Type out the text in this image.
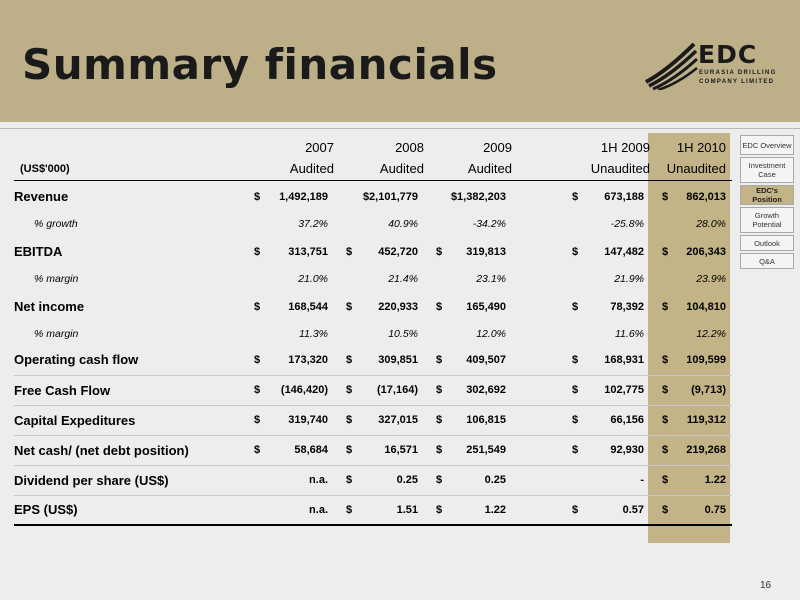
Summary financials	EDC
EURASIA DRILLING
COMPANY LIMITED
	2007	2008	2009		1H 2009	1H 2010
(US$'000)	Audited	Audited	Audited		Unaudited	Unaudited
Revenue	$ 1,492,189	$2,101,779	$1,382,203		$ 673,188	$ 862,013

% growth	37.2%	40.9%	-34.2%		-25.8%	28.0%

EBITDA	$ 313,751	$ 452,720	$ 319,813		$ 147,482	$ 206,343

% margin	21.0%	21.4%	23.1%		21.9%	23.9%

Net income	$ 168,544	$ 220,933	$ 165,490		$ 78,392	$ 104,810

% margin	11.3%	10.5%	12.0%		11.6%	12.2%

Operating cash flow	$ 173,320	$ 309,851	$ 409,507		$ 168,931	$ 109,599

Free Cash Flow	$ (146,420)	$ (17,164)	$ 302,692		$ 102,775	$ (9,713)

Capital Expeditures	$ 319,740	$ 327,015	$ 106,815		$ 66,156	$ 119,312

Net cash/ (net debt position)	$ 58,684	$ 16,571	$ 251,549		$ 92,930	$ 219,268

Dividend per share (US$)	n.a.	$ 0.25	$ 0.25		-	$ 1.22

EPS (US$)	n.a.	$ 1.51	$ 1.22		$ 0.57	$ 0.75
EDC Overview
Investment Case
EDC's Position
Growth Potential
Outlook
Q&A
16
